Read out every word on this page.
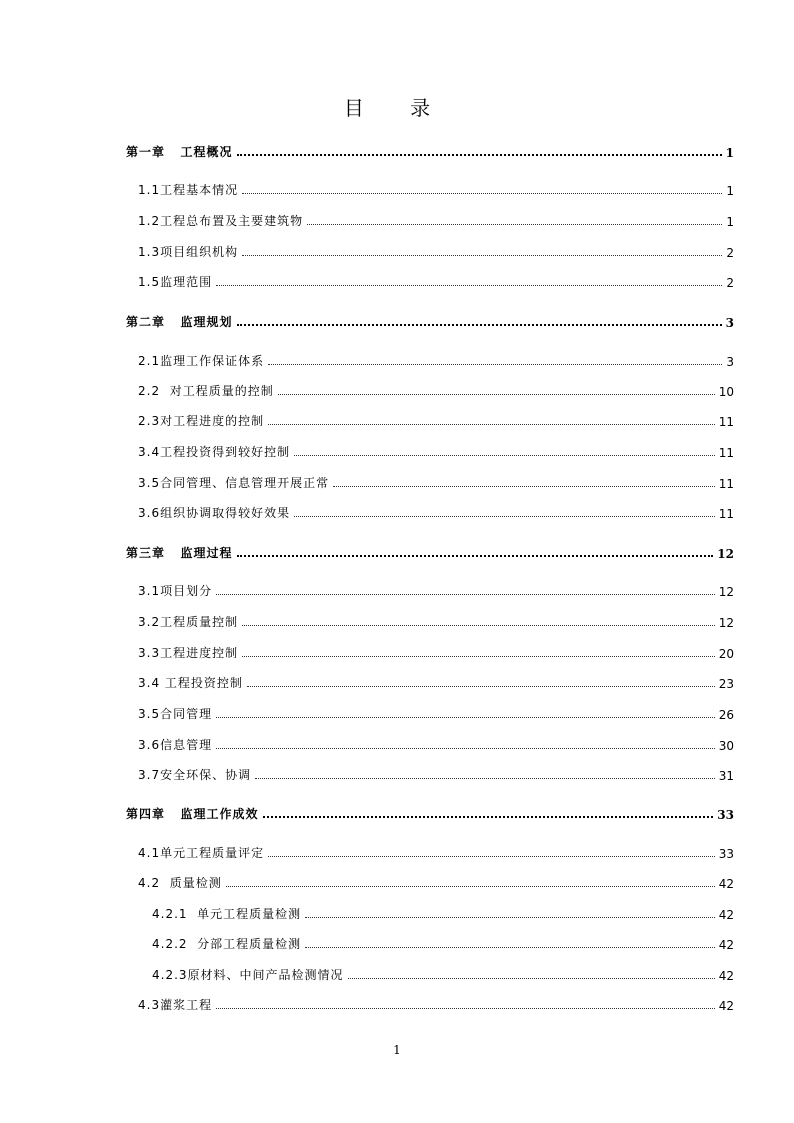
目 录
第一章   工程概况	1
1.1工程基本情况	1
1.2工程总布置及主要建筑物	1
1.3项目组织机构	2
1.5监理范围	2
第二章   监理规划	3
2.1监理工作保证体系	3
2.2  对工程质量的控制	10
2.3对工程进度的控制	11
3.4工程投资得到较好控制	11
3.5合同管理、信息管理开展正常	11
3.6组织协调取得较好效果	11
第三章   监理过程	12
3.1项目划分	12
3.2工程质量控制	12
3.3工程进度控制	20
3.4 工程投资控制	23
3.5合同管理	26
3.6信息管理	30
3.7安全环保、协调	31
第四章   监理工作成效	33
4.1单元工程质量评定	33
4.2  质量检测	42
4.2.1  单元工程质量检测	42
4.2.2  分部工程质量检测	42
4.2.3原材料、中间产品检测情况	42
4.3灌浆工程	42
1
